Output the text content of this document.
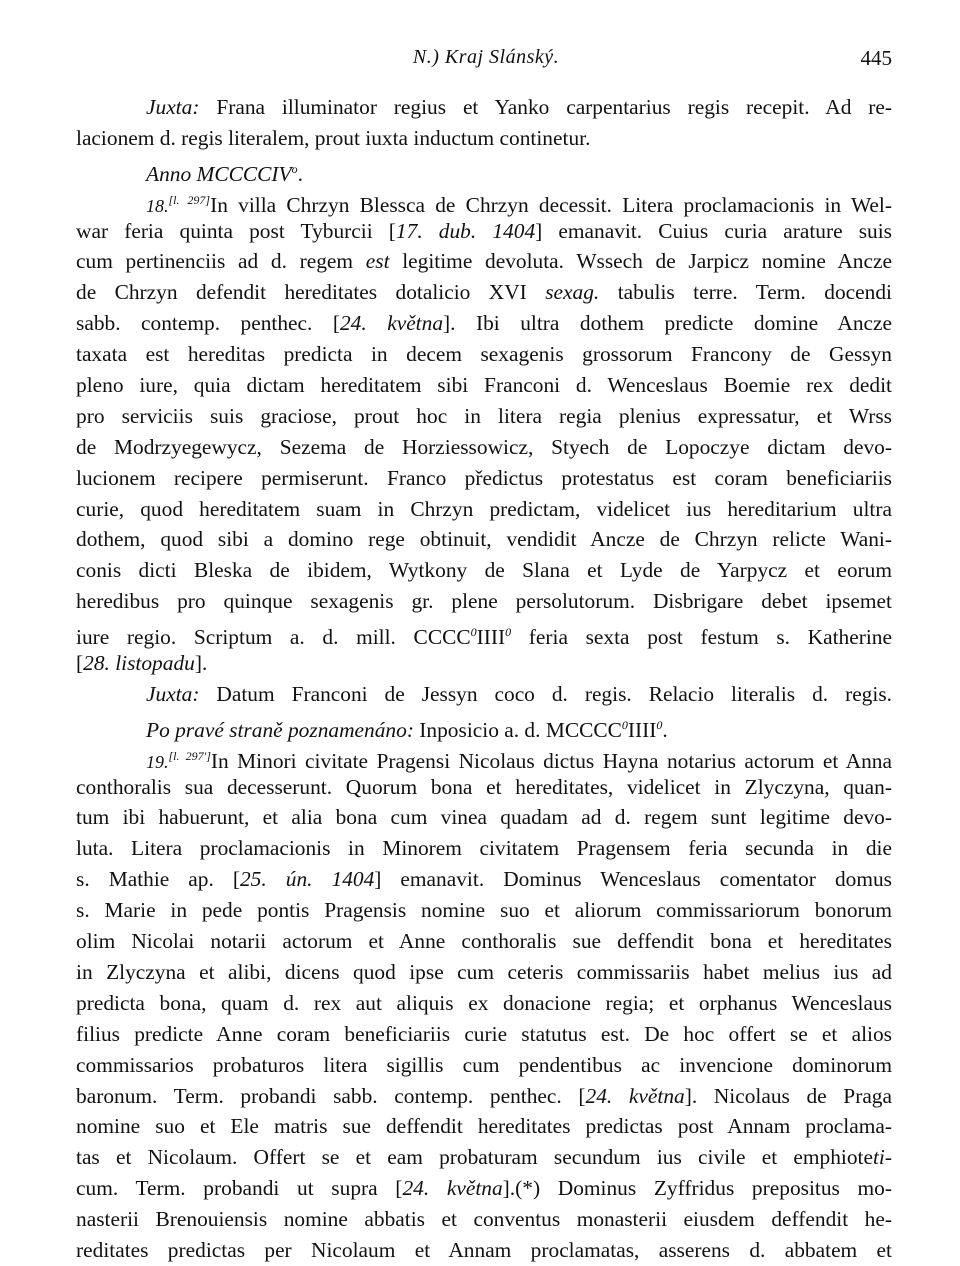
N.) Kraj Slánský.	445
Juxta: Frana illuminator regius et Yanko carpentarius regis recepit. Ad re-
lacionem d. regis literalem, prout iuxta inductum continetur.
Anno MCCCCIV$^o$.
18.[l. 297]In villa Chrzyn Blessca de Chrzyn decessit. Litera proclamacionis in Wel-
war feria quinta post Tyburcii [17. dub. 1404] emanavit. Cuius curia arature suis
cum pertinenciis ad d. regem est legitime devoluta. Wssech de Jarpicz nomine Ancze
de Chrzyn defendit hereditates dotalicio XVI sexag. tabulis terre. Term. docendi
sabb. contemp. penthec. [24. května]. Ibi ultra dothem predicte domine Ancze
taxata est hereditas predicta in decem sexagenis grossorum Francony de Gessyn
pleno iure, quia dictam hereditatem sibi Franconi d. Wenceslaus Boemie rex dedit
pro serviciis suis graciose, prout hoc in litera regia plenius expressatur, et Wrss
de Modrzyegewycz, Sezema de Horziessowicz, Styech de Lopoczye dictam devo-
lucionem recipere permiserunt. Franco předictus protestatus est coram beneficiariis
curie, quod hereditatem suam in Chrzyn predictam, videlicet ius hereditarium ultra
dothem, quod sibi a domino rege obtinuit, vendidit Ancze de Chrzyn relicte Wani-
conis dicti Bleska de ibidem, Wytkony de Slana et Lyde de Yarpycz et eorum
heredibus pro quinque sexagenis gr. plene persolutorum. Disbrigare debet ipsemet
iure regio. Scriptum a. d. mill. CCCC$^0$IIII$^0$ feria sexta post festum s. Katherine
[28. listopadu].
Juxta: Datum Franconi de Jessyn coco d. regis. Relacio literalis d. regis.
Po pravé straně poznamenáno: Inposicio a. d. MCCCC$^0$IIII$^0$.
19.[l. 297']In Minori civitate Pragensi Nicolaus dictus Hayna notarius actorum et Anna
conthoralis sua decesserunt. Quorum bona et hereditates, videlicet in Zlyczyna, quan-
tum ibi habuerunt, et alia bona cum vinea quadam ad d. regem sunt legitime devo-
luta. Litera proclamacionis in Minorem civitatem Pragensem feria secunda in die
s. Mathie ap. [25. ún. 1404] emanavit. Dominus Wenceslaus comentator domus
s. Marie in pede pontis Pragensis nomine suo et aliorum commissariorum bonorum
olim Nicolai notarii actorum et Anne conthoralis sue deffendit bona et hereditates
in Zlyczyna et alibi, dicens quod ipse cum ceteris commissariis habet melius ius ad
predicta bona, quam d. rex aut aliquis ex donacione regia; et orphanus Wenceslaus
filius predicte Anne coram beneficiariis curie statutus est. De hoc offert se et alios
commissarios probaturos litera sigillis cum pendentibus ac invencione dominorum
baronum. Term. probandi sabb. contemp. penthec. [24. května]. Nicolaus de Praga
nomine suo et Ele matris sue deffendit hereditates predictas post Annam proclama-
tas et Nicolaum. Offert se et eam probaturam secundum ius civile et emphioteti-
cum. Term. probandi ut supra [24. května].(*) Dominus Zyffridus prepositus mo-
nasterii Brenouiensis nomine abbatis et conventus monasterii eiusdem deffendit he-
reditates predictas per Nicolaum et Annam proclamatas, asserens d. abbatem et
